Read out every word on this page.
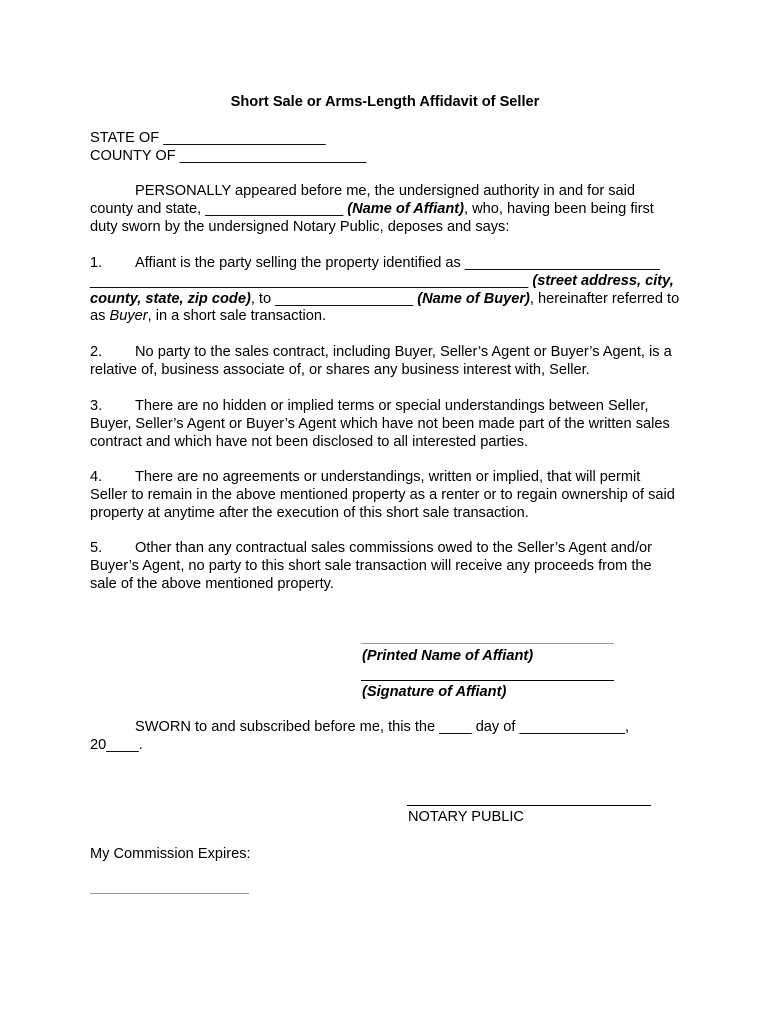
Short Sale or Arms-Length Affidavit of Seller
STATE OF ____________________
COUNTY OF _______________________
PERSONALLY appeared before me, the undersigned authority in and for said county and state, _________________ (Name of Affiant), who, having been being first duty sworn by the undersigned Notary Public, deposes and says:
1. Affiant is the party selling the property identified as ________________________ ______________________________________________________ (street address, city, county, state, zip code), to _________________ (Name of Buyer), hereinafter referred to as Buyer, in a short sale transaction.
2. No party to the sales contract, including Buyer, Seller’s Agent or Buyer’s Agent, is a relative of, business associate of, or shares any business interest with, Seller.
3. There are no hidden or implied terms or special understandings between Seller, Buyer, Seller’s Agent or Buyer’s Agent which have not been made part of the written sales contract and which have not been disclosed to all interested parties.
4. There are no agreements or understandings, written or implied, that will permit Seller to remain in the above mentioned property as a renter or to regain ownership of said property at anytime after the execution of this short sale transaction.
5. Other than any contractual sales commissions owed to the Seller’s Agent and/or Buyer’s Agent, no party to this short sale transaction will receive any proceeds from the sale of the above mentioned property.
(Printed Name of Affiant)
(Signature of Affiant)
SWORN to and subscribed before me, this the ____ day of _____________,
20____.
NOTARY PUBLIC
My Commission Expires:
